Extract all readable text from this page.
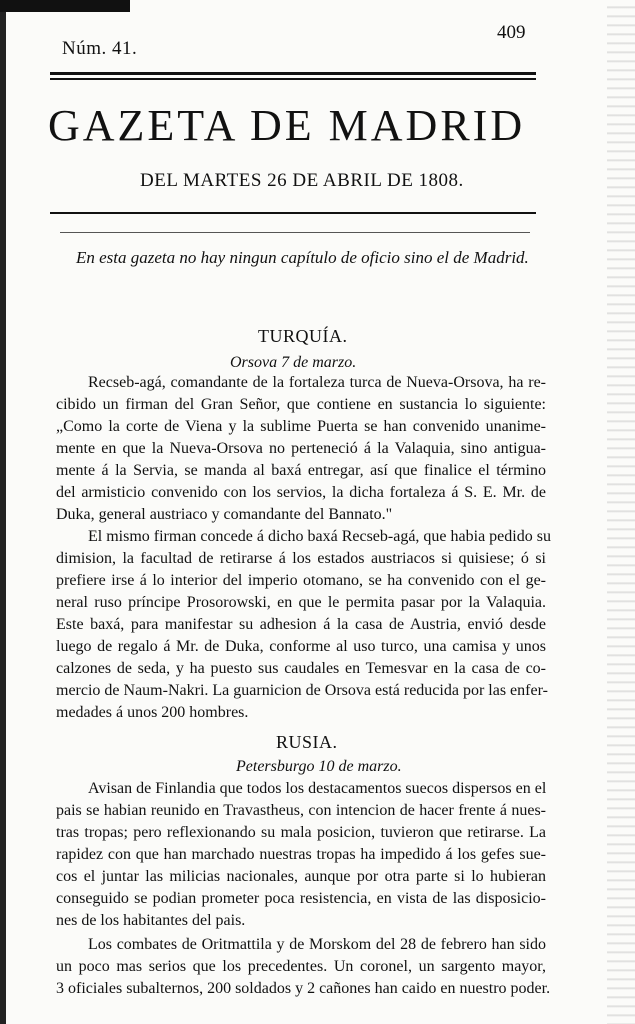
Núm. 41.
409
GAZETA DE MADRID
DEL MARTES 26 DE ABRIL DE 1808.
En esta gazeta no hay ningun capítulo de oficio sino el de Madrid.
TURQUÍA.
Orsova 7 de marzo.
Recseb-agá, comandante de la fortaleza turca de Nueva-Orsova, ha re-
cibido un firman del Gran Señor, que contiene en sustancia lo siguiente:
„Como la corte de Viena y la sublime Puerta se han convenido unanime-
mente en que la Nueva-Orsova no perteneció á la Valaquia, sino antigua-
mente á la Servia, se manda al baxá entregar, así que finalice el término
del armisticio convenido con los servios, la dicha fortaleza á S. E. Mr. de
Duka, general austriaco y comandante del Bannato."
El mismo firman concede á dicho baxá Recseb-agá, que habia pedido su
dimision, la facultad de retirarse á los estados austriacos si quisiese; ó si
prefiere irse á lo interior del imperio otomano, se ha convenido con el ge-
neral ruso príncipe Prosorowski, en que le permita pasar por la Valaquia.
Este baxá, para manifestar su adhesion á la casa de Austria, envió desde
luego de regalo á Mr. de Duka, conforme al uso turco, una camisa y unos
calzones de seda, y ha puesto sus caudales en Temesvar en la casa de co-
mercio de Naum-Nakri. La guarnicion de Orsova está reducida por las enfer-
medades á unos 200 hombres.
RUSIA.
Petersburgo 10 de marzo.
Avisan de Finlandia que todos los destacamentos suecos dispersos en el
pais se habian reunido en Travastheus, con intencion de hacer frente á nues-
tras tropas; pero reflexionando su mala posicion, tuvieron que retirarse. La
rapidez con que han marchado nuestras tropas ha impedido á los gefes sue-
cos el juntar las milicias nacionales, aunque por otra parte si lo hubieran
conseguido se podian prometer poca resistencia, en vista de las disposicio-
nes de los habitantes del pais.
Los combates de Oritmattila y de Morskom del 28 de febrero han sido
un poco mas serios que los precedentes. Un coronel, un sargento mayor,
3 oficiales subalternos, 200 soldados y 2 cañones han caido en nuestro poder.
